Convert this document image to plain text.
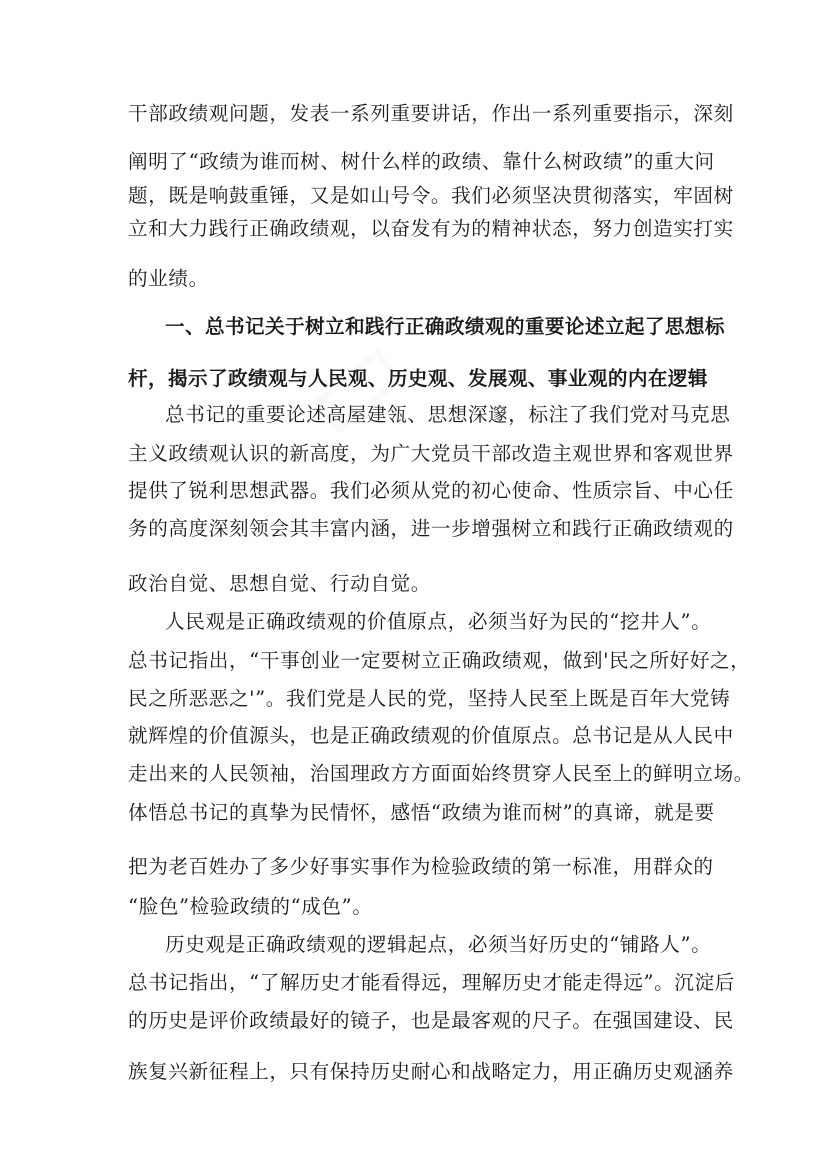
▭
干部政绩观问题，发表一系列重要讲话，作出一系列重要指示，深刻
阐明了“政绩为谁而树、树什么样的政绩、靠什么树政绩”的重大问
题，既是响鼓重锤，又是如山号令。我们必须坚决贯彻落实，牢固树
立和大力践行正确政绩观，以奋发有为的精神状态，努力创造实打实
的业绩。
一、总书记关于树立和践行正确政绩观的重要论述立起了思想标
杆，揭示了政绩观与人民观、历史观、发展观、事业观的内在逻辑
总书记的重要论述高屋建瓴、思想深邃，标注了我们党对马克思
主义政绩观认识的新高度，为广大党员干部改造主观世界和客观世界
提供了锐利思想武器。我们必须从党的初心使命、性质宗旨、中心任
务的高度深刻领会其丰富内涵，进一步增强树立和践行正确政绩观的
政治自觉、思想自觉、行动自觉。
人民观是正确政绩观的价值原点，必须当好为民的“挖井人”。
总书记指出，“干事创业一定要树立正确政绩观，做到'民之所好好之，
民之所恶恶之'”。我们党是人民的党，坚持人民至上既是百年大党铸
就辉煌的价值源头，也是正确政绩观的价值原点。总书记是从人民中
走出来的人民领袖，治国理政方方面面始终贯穿人民至上的鲜明立场。
体悟总书记的真挚为民情怀，感悟“政绩为谁而树”的真谛，就是要
把为老百姓办了多少好事实事作为检验政绩的第一标准，用群众的
“脸色”检验政绩的“成色”。
历史观是正确政绩观的逻辑起点，必须当好历史的“铺路人”。
总书记指出，“了解历史才能看得远，理解历史才能走得远”。沉淀后
的历史是评价政绩最好的镜子，也是最客观的尺子。在强国建设、民
族复兴新征程上，只有保持历史耐心和战略定力，用正确历史观涵养
